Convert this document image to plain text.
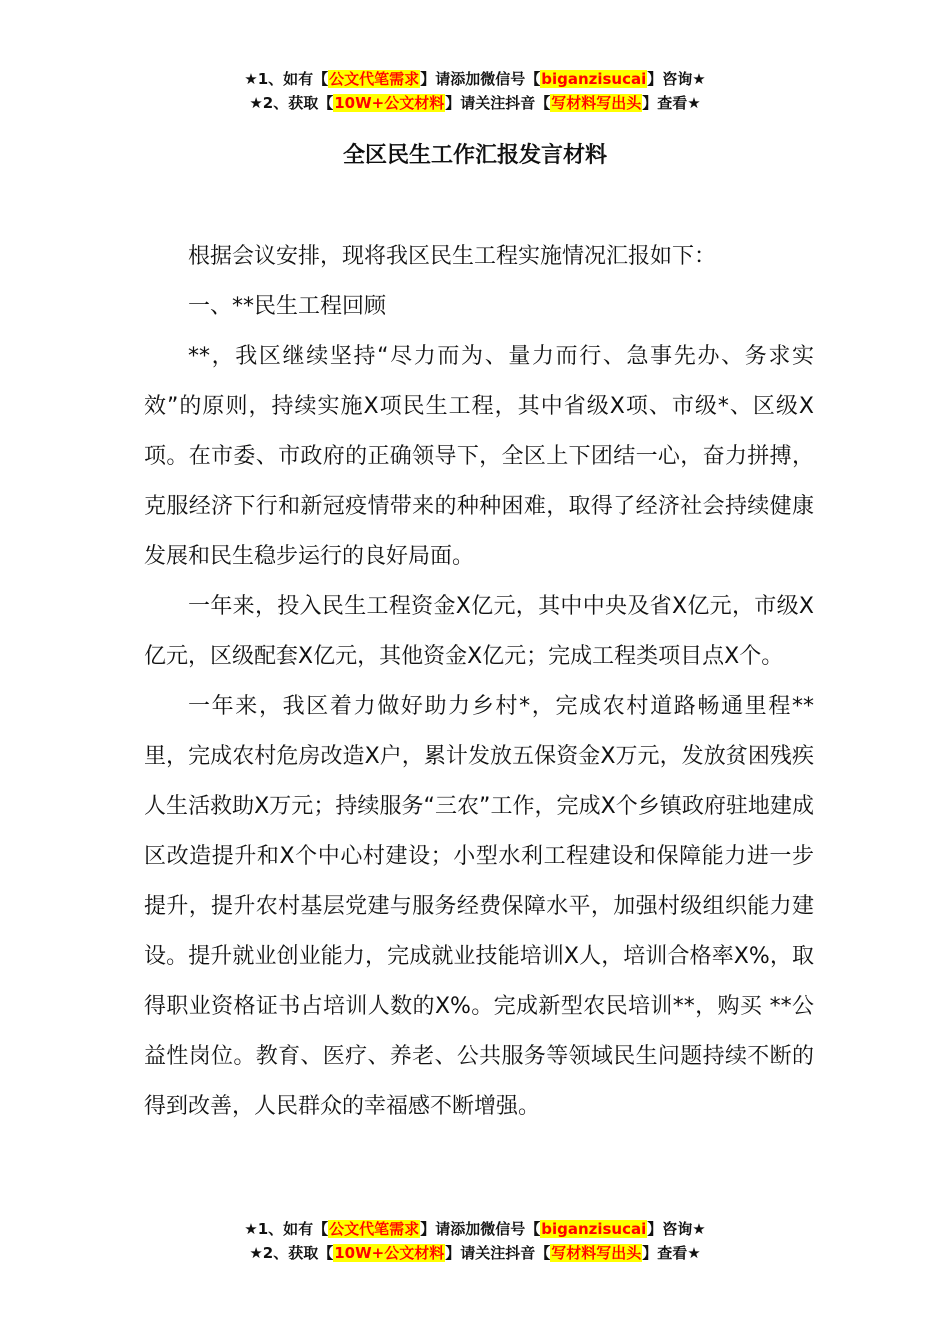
★1、如有【公文代笔需求】请添加微信号【biganzisucai】咨询★
★2、获取【10W+公文材料】请关注抖音【写材料写出头】查看★
全区民生工作汇报发言材料

根据会议安排，现将我区民生工程实施情况汇报如下：

一、**民生工程回顾

**，我区继续坚持“尽力而为、量力而行、急事先办、务求实效”的原则，持续实施X项民生工程，其中省级X项、市级*、区级X项。在市委、市政府的正确领导下，全区上下团结一心，奋力拼搏，克服经济下行和新冠疫情带来的种种困难，取得了经济社会持续健康发展和民生稳步运行的良好局面。

一年来，投入民生工程资金X亿元，其中中央及省X亿元，市级X亿元，区级配套X亿元，其他资金X亿元；完成工程类项目点X个。

一年来，我区着力做好助力乡村*，完成农村道路畅通里程**里，完成农村危房改造X户，累计发放五保资金X万元，发放贫困残疾人生活救助X万元；持续服务“三农”工作，完成X个乡镇政府驻地建成区改造提升和X个中心村建设；小型水利工程建设和保障能力进一步提升，提升农村基层党建与服务经费保障水平，加强村级组织能力建设。提升就业创业能力，完成就业技能培训X人，培训合格率X%，取得职业资格证书占培训人数的X%。完成新型农民培训**，购买 **公益性岗位。教育、医疗、养老、公共服务等领域民生问题持续不断的得到改善，人民群众的幸福感不断增强。

★1、如有【公文代笔需求】请添加微信号【biganzisucai】咨询★
★2、获取【10W+公文材料】请关注抖音【写材料写出头】查看★
